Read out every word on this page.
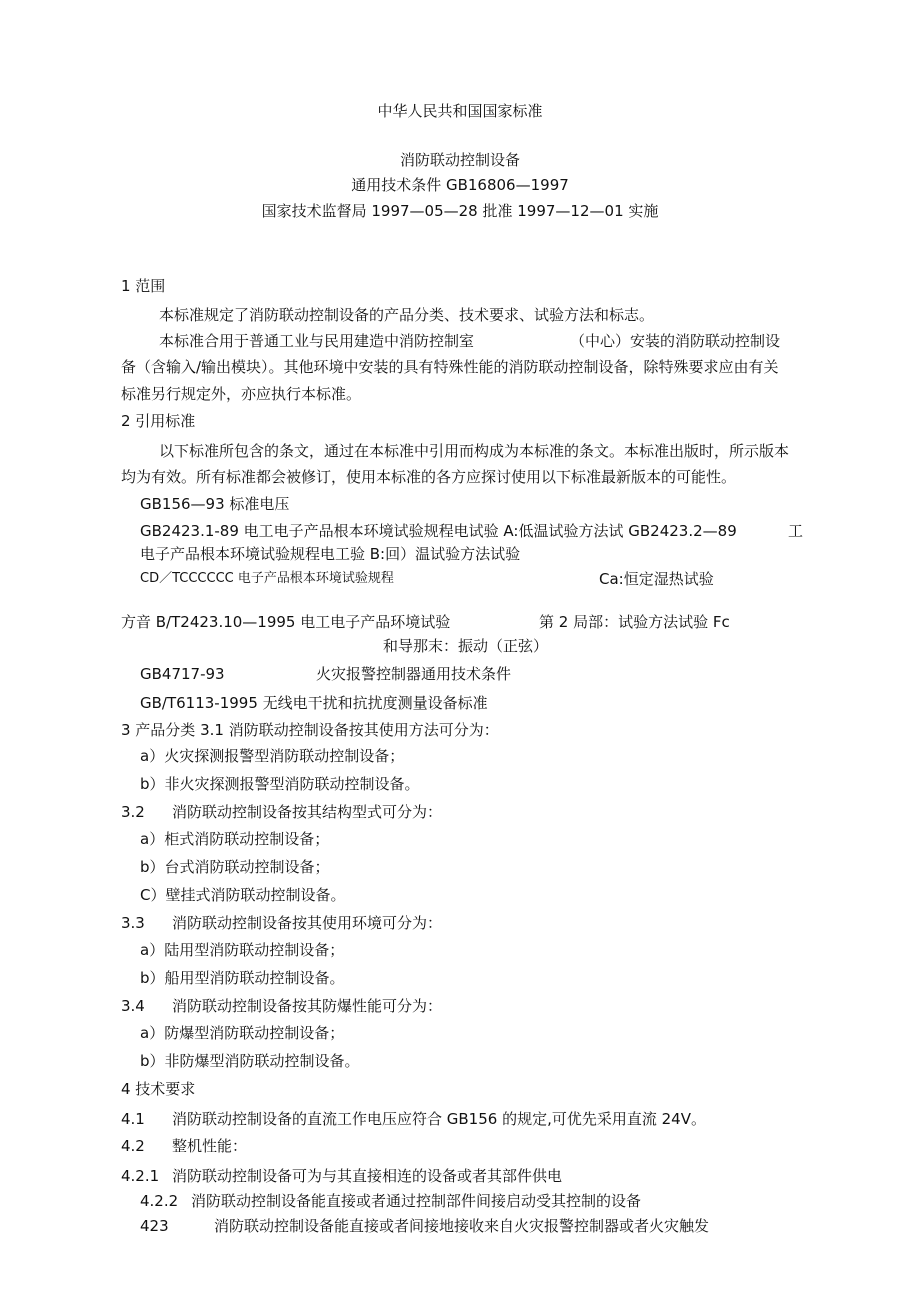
中华人民共和国国家标准
消防联动控制设备
通用技术条件 GB16806—1997
国家技术监督局 1997—05—28 批准 1997—12—01 实施
1 范围
本标准规定了消防联动控制设备的产品分类、技术要求、试验方法和标志。
本标准合用于普通工业与民用建造中消防控制室	（中心）安装的消防联动控制设
备（含输入/输出模块）。其他环境中安装的具有特殊性能的消防联动控制设备，除特殊要求应由有关
标准另行规定外，亦应执行本标准。
2 引用标准
以下标准所包含的条文，通过在本标准中引用而构成为本标准的条文。本标准出版时，所示版本
均为有效。所有标准都会被修订，使用本标准的各方应探讨使用以下标准最新版本的可能性。
GB156—93 标准电压
GB2423.1-89 电工电子产品根本环境试验规程电试验 A:低温试验方法试 GB2423.2—89	工
电子产品根本环境试验规程电工验 B:回）温试验方法试验
CD／TCCCCCC 电子产品根本环境试验规程	Ca:恒定湿热试验
方音 B/T2423.10—1995 电工电子产品环境试验	第 2 局部：试验方法试验 Fc
和导那末：振动（正弦）
GB4717-93	火灾报警控制器通用技术条件
GB/T6113-1995 无线电干扰和抗扰度测量设备标准
3 产品分类 3.1 消防联动控制设备按其使用方法可分为：
a）火灾探测报警型消防联动控制设备；
b）非火灾探测报警型消防联动控制设备。
3.2 消防联动控制设备按其结构型式可分为：
a）柜式消防联动控制设备；
b）台式消防联动控制设备；
C）壁挂式消防联动控制设备。
3.3 消防联动控制设备按其使用环境可分为：
a）陆用型消防联动控制设备；
b）船用型消防联动控制设备。
3.4 消防联动控制设备按其防爆性能可分为：
a）防爆型消防联动控制设备；
b）非防爆型消防联动控制设备。
4 技术要求
4.1 消防联动控制设备的直流工作电压应符合 GB156 的规定,可优先采用直流 24V。
4.2 整机性能：
4.2.1 消防联动控制设备可为与其直接相连的设备或者其部件供电
4.2.2 消防联动控制设备能直接或者通过控制部件间接启动受其控制的设备
423	消防联动控制设备能直接或者间接地接收来自火灾报警控制器或者火灾触发
